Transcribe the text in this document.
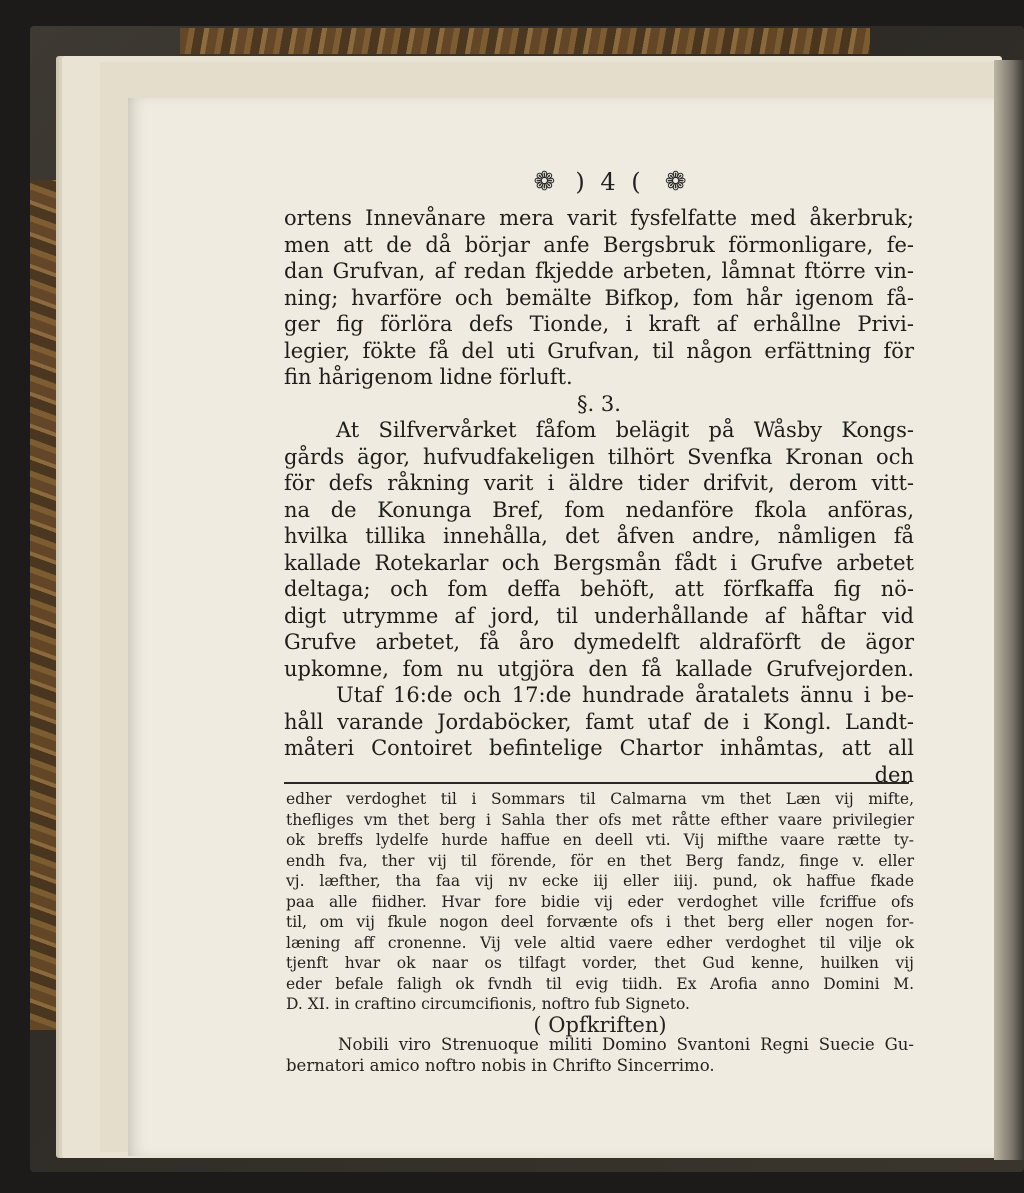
❁ ) 4 ( ❁
ortens Innevånare mera varit fysfelfatte med åkerbruk;
men att de då börjar anfe Bergsbruk förmonligare, fe-
dan Grufvan, af redan fkjedde arbeten, låmnat ftörre vin-
ning; hvarföre och bemälte Bifkop, fom hår igenom få-
ger fig förlöra defs Tionde, i kraft af erhållne Privi-
legier, fökte få del uti Grufvan, til någon erfättning för
fin hårigenom lidne förluft.
§. 3.
At Silfvervårket fåfom belägit på Wåsby Kongs-
gårds ägor, hufvudfakeligen tilhört Svenfka Kronan och
för defs råkning varit i äldre tider drifvit, derom vitt-
na de Konunga Bref, fom nedanföre fkola anföras,
hvilka tillika innehålla, det åfven andre, nåmligen få
kallade Rotekarlar och Bergsmån fådt i Grufve arbetet
deltaga; och fom deffa behöft, att förfkaffa fig nö-
digt utrymme af jord, til underhållande af håftar vid
Grufve arbetet, få åro dymedelft aldraförft de ägor
upkomne, fom nu utgjöra den få kallade Grufvejorden.
Utaf 16:de och 17:de hundrade åratalets ännu i be-
håll varande Jordaböcker, famt utaf de i Kongl. Landt-
måteri Contoiret befintelige Chartor inhåmtas, att all
den
edher verdoghet til i Sommars til Calmarna vm thet Læn vij mifte,
thefliges vm thet berg i Sahla ther ofs met råtte efther vaare privilegier
ok breffs lydelfe hurde haffue en deell vti. Vij mifthe vaare rætte ty-
endh fva, ther vij til förende, för en thet Berg fandz, finge v. eller
vj. læfther, tha faa vij nv ecke iij eller iiij. pund, ok haffue fkade
paa alle fiidher. Hvar fore bidie vij eder verdoghet ville fcriffue ofs
til, om vij fkule nogon deel forvænte ofs i thet berg eller nogen for-
læning aff cronenne. Vij vele altid vaere edher verdoghet til vilje ok
tjenft hvar ok naar os tilfagt vorder, thet Gud kenne, huilken vij
eder befale faligh ok fvndh til evig tiidh. Ex Arofia anno Domini M.
D. XI. in craftino circumcifionis, noftro fub Signeto.
( Opfkriften)
Nobili viro Strenuoque militi Domino Svantoni Regni Suecie Gu-
bernatori amico noftro nobis in Chrifto Sincerrimo.
